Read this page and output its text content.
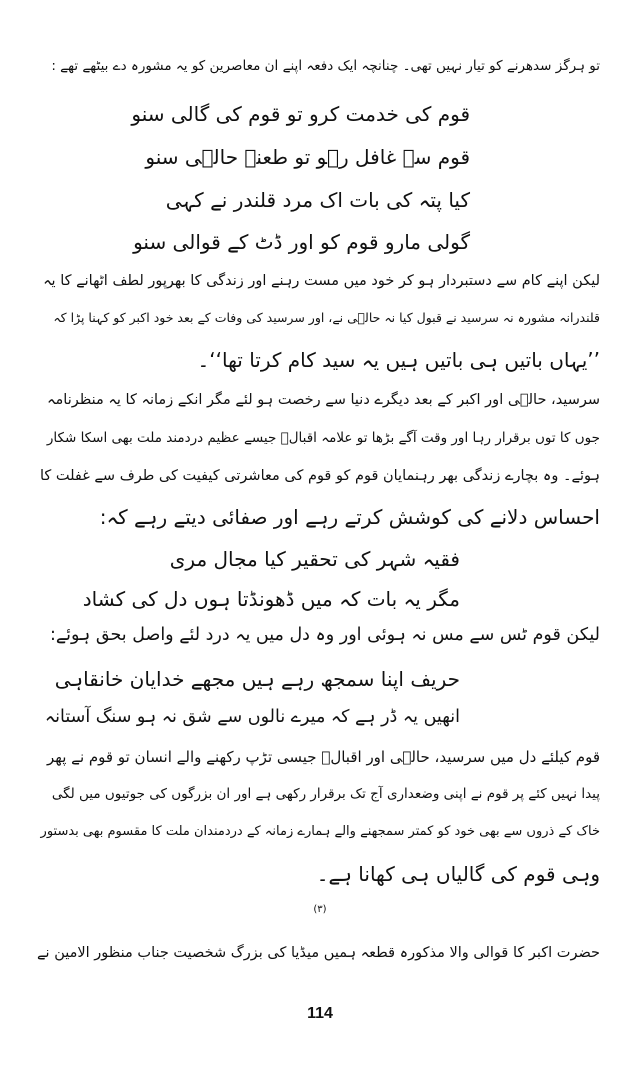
تو ہرگز سدھرنے کو تیار نہیں تھی۔ چنانچہ ایک دفعہ اپنے ان معاصرین کو یہ مشورہ دے بیٹھے تھے :
قوم کی خدمت کرو تو قوم کی گالی سنو
قوم سے غافل رہو تو طعنۂ حالؔی سنو
کیا پتہ کی بات اک مرد قلندر نے کہی
گولی مارو قوم کو اور ڈٹ کے قوالی سنو
لیکن اپنے کام سے دستبردار ہو کر خود میں مست رہنے اور زندگی کا بھرپور لطف اٹھانے کا یہ
قلندرانہ مشورہ نہ سرسید نے قبول کیا نہ حالؔی نے، اور سرسید کی وفات کے بعد خود اکبر کو کہنا پڑا کہ
’’یہاں باتیں ہی باتیں ہیں یہ سید کام کرتا تھا‘‘۔
سرسید، حالؔی اور اکبر کے بعد دیگرے دنیا سے رخصت ہو لئے مگر انکے زمانہ کا یہ منظرنامہ
جوں کا توں برقرار رہا اور وقت آگے بڑھا تو علامہ اقبالؔ جیسے عظیم دردمند ملت بھی اسکا شکار
ہوئے۔ وہ بچارے زندگی بھر رہنمایان قوم کو قوم کی معاشرتی کیفیت کی طرف سے غفلت کا
احساس دلانے کی کوشش کرتے رہے اور صفائی دیتے رہے کہ:
فقیہ شہر کی تحقیر کیا مجال مری
مگر یہ بات کہ میں ڈھونڈتا ہوں دل کی کشاد
لیکن قوم ٹس سے مس نہ ہوئی اور وہ دل میں یہ درد لئے واصل بحق ہوئے:
حریف اپنا سمجھ رہے ہیں مجھے خدایان خانقاہی
انھیں یہ ڈر ہے کہ میرے نالوں سے شق نہ ہو سنگ آستانہ
قوم کیلئے دل میں سرسید، حالؔی اور اقبالؔ جیسی تڑپ رکھنے والے انسان تو قوم نے پھر
پیدا نہیں کئے پر قوم نے اپنی وضعداری آج تک برقرار رکھی ہے اور ان بزرگوں کی جوتیوں میں لگی
خاک کے ذروں سے بھی خود کو کمتر سمجھنے والے ہمارے زمانہ کے دردمندان ملت کا مقسوم بھی بدستور
وہی قوم کی گالیاں ہی کھانا ہے۔
(۳)
حضرت اکبر کا قوالی والا مذکورہ قطعہ ہمیں میڈیا کی بزرگ شخصیت جناب منظور الامین نے
114
